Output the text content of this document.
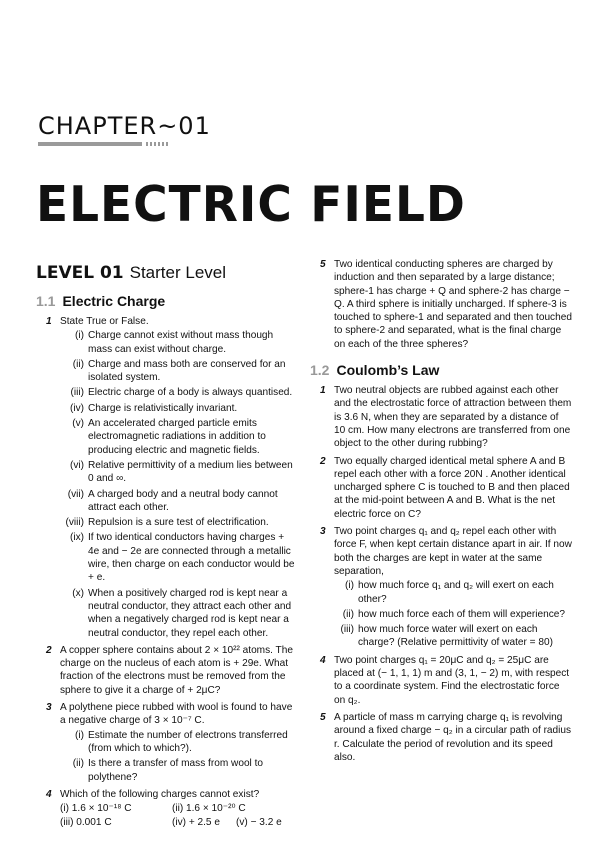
CHAPTER~01
ELECTRIC FIELD
LEVEL 01 Starter Level
1.1 Electric Charge
1 State True or False.
(i) Charge cannot exist without mass though mass can exist without charge.
(ii) Charge and mass both are conserved for an isolated system.
(iii) Electric charge of a body is always quantised.
(iv) Charge is relativistically invariant.
(v) An accelerated charged particle emits electromagnetic radiations in addition to producing electric and magnetic fields.
(vi) Relative permittivity of a medium lies between 0 and ∞.
(vii) A charged body and a neutral body cannot attract each other.
(viii) Repulsion is a sure test of electrification.
(ix) If two identical conductors having charges + 4e and − 2e are connected through a metallic wire, then charge on each conductor would be + e.
(x) When a positively charged rod is kept near a neutral conductor, they attract each other and when a negatively charged rod is kept near a neutral conductor, they repel each other.
2 A copper sphere contains about 2 × 10²² atoms. The charge on the nucleus of each atom is + 29e. What fraction of the electrons must be removed from the sphere to give it a charge of + 2μC?
3 A polythene piece rubbed with wool is found to have a negative charge of 3 × 10⁻⁷ C.
(i) Estimate the number of electrons transferred (from which to which?).
(ii) Is there a transfer of mass from wool to polythene?
4 Which of the following charges cannot exist?
(i) 1.6 × 10⁻¹⁸ C	(ii) 1.6 × 10⁻²⁰ C
(iii) 0.001 C	(iv) + 2.5 e	(v) − 3.2 e
5 Two identical conducting spheres are charged by induction and then separated by a large distance; sphere-1 has charge + Q and sphere-2 has charge − Q. A third sphere is initially uncharged. If sphere-3 is touched to sphere-1 and separated and then touched to sphere-2 and separated, what is the final charge on each of the three spheres?
1.2 Coulomb’s Law
1 Two neutral objects are rubbed against each other and the electrostatic force of attraction between them is 3.6 N, when they are separated by a distance of 10 cm. How many electrons are transferred from one object to the other during rubbing?
2 Two equally charged identical metal sphere A and B repel each other with a force 20N . Another identical uncharged sphere C is touched to B and then placed at the mid-point between A and B. What is the net electric force on C?
3 Two point charges q₁ and q₂ repel each other with force F, when kept certain distance apart in air. If now both the charges are kept in water at the same separation,
(i) how much force q₁ and q₂ will exert on each other?
(ii) how much force each of them will experience?
(iii) how much force water will exert on each charge? (Relative permittivity of water = 80)
4 Two point charges q₁ = 20μC and q₂ = 25μC are placed at (− 1, 1, 1) m and (3, 1, − 2) m, with respect to a coordinate system. Find the electrostatic force on q₂.
5 A particle of mass m carrying charge q₁ is revolving around a fixed charge − q₂ in a circular path of radius r. Calculate the period of revolution and its speed also.
